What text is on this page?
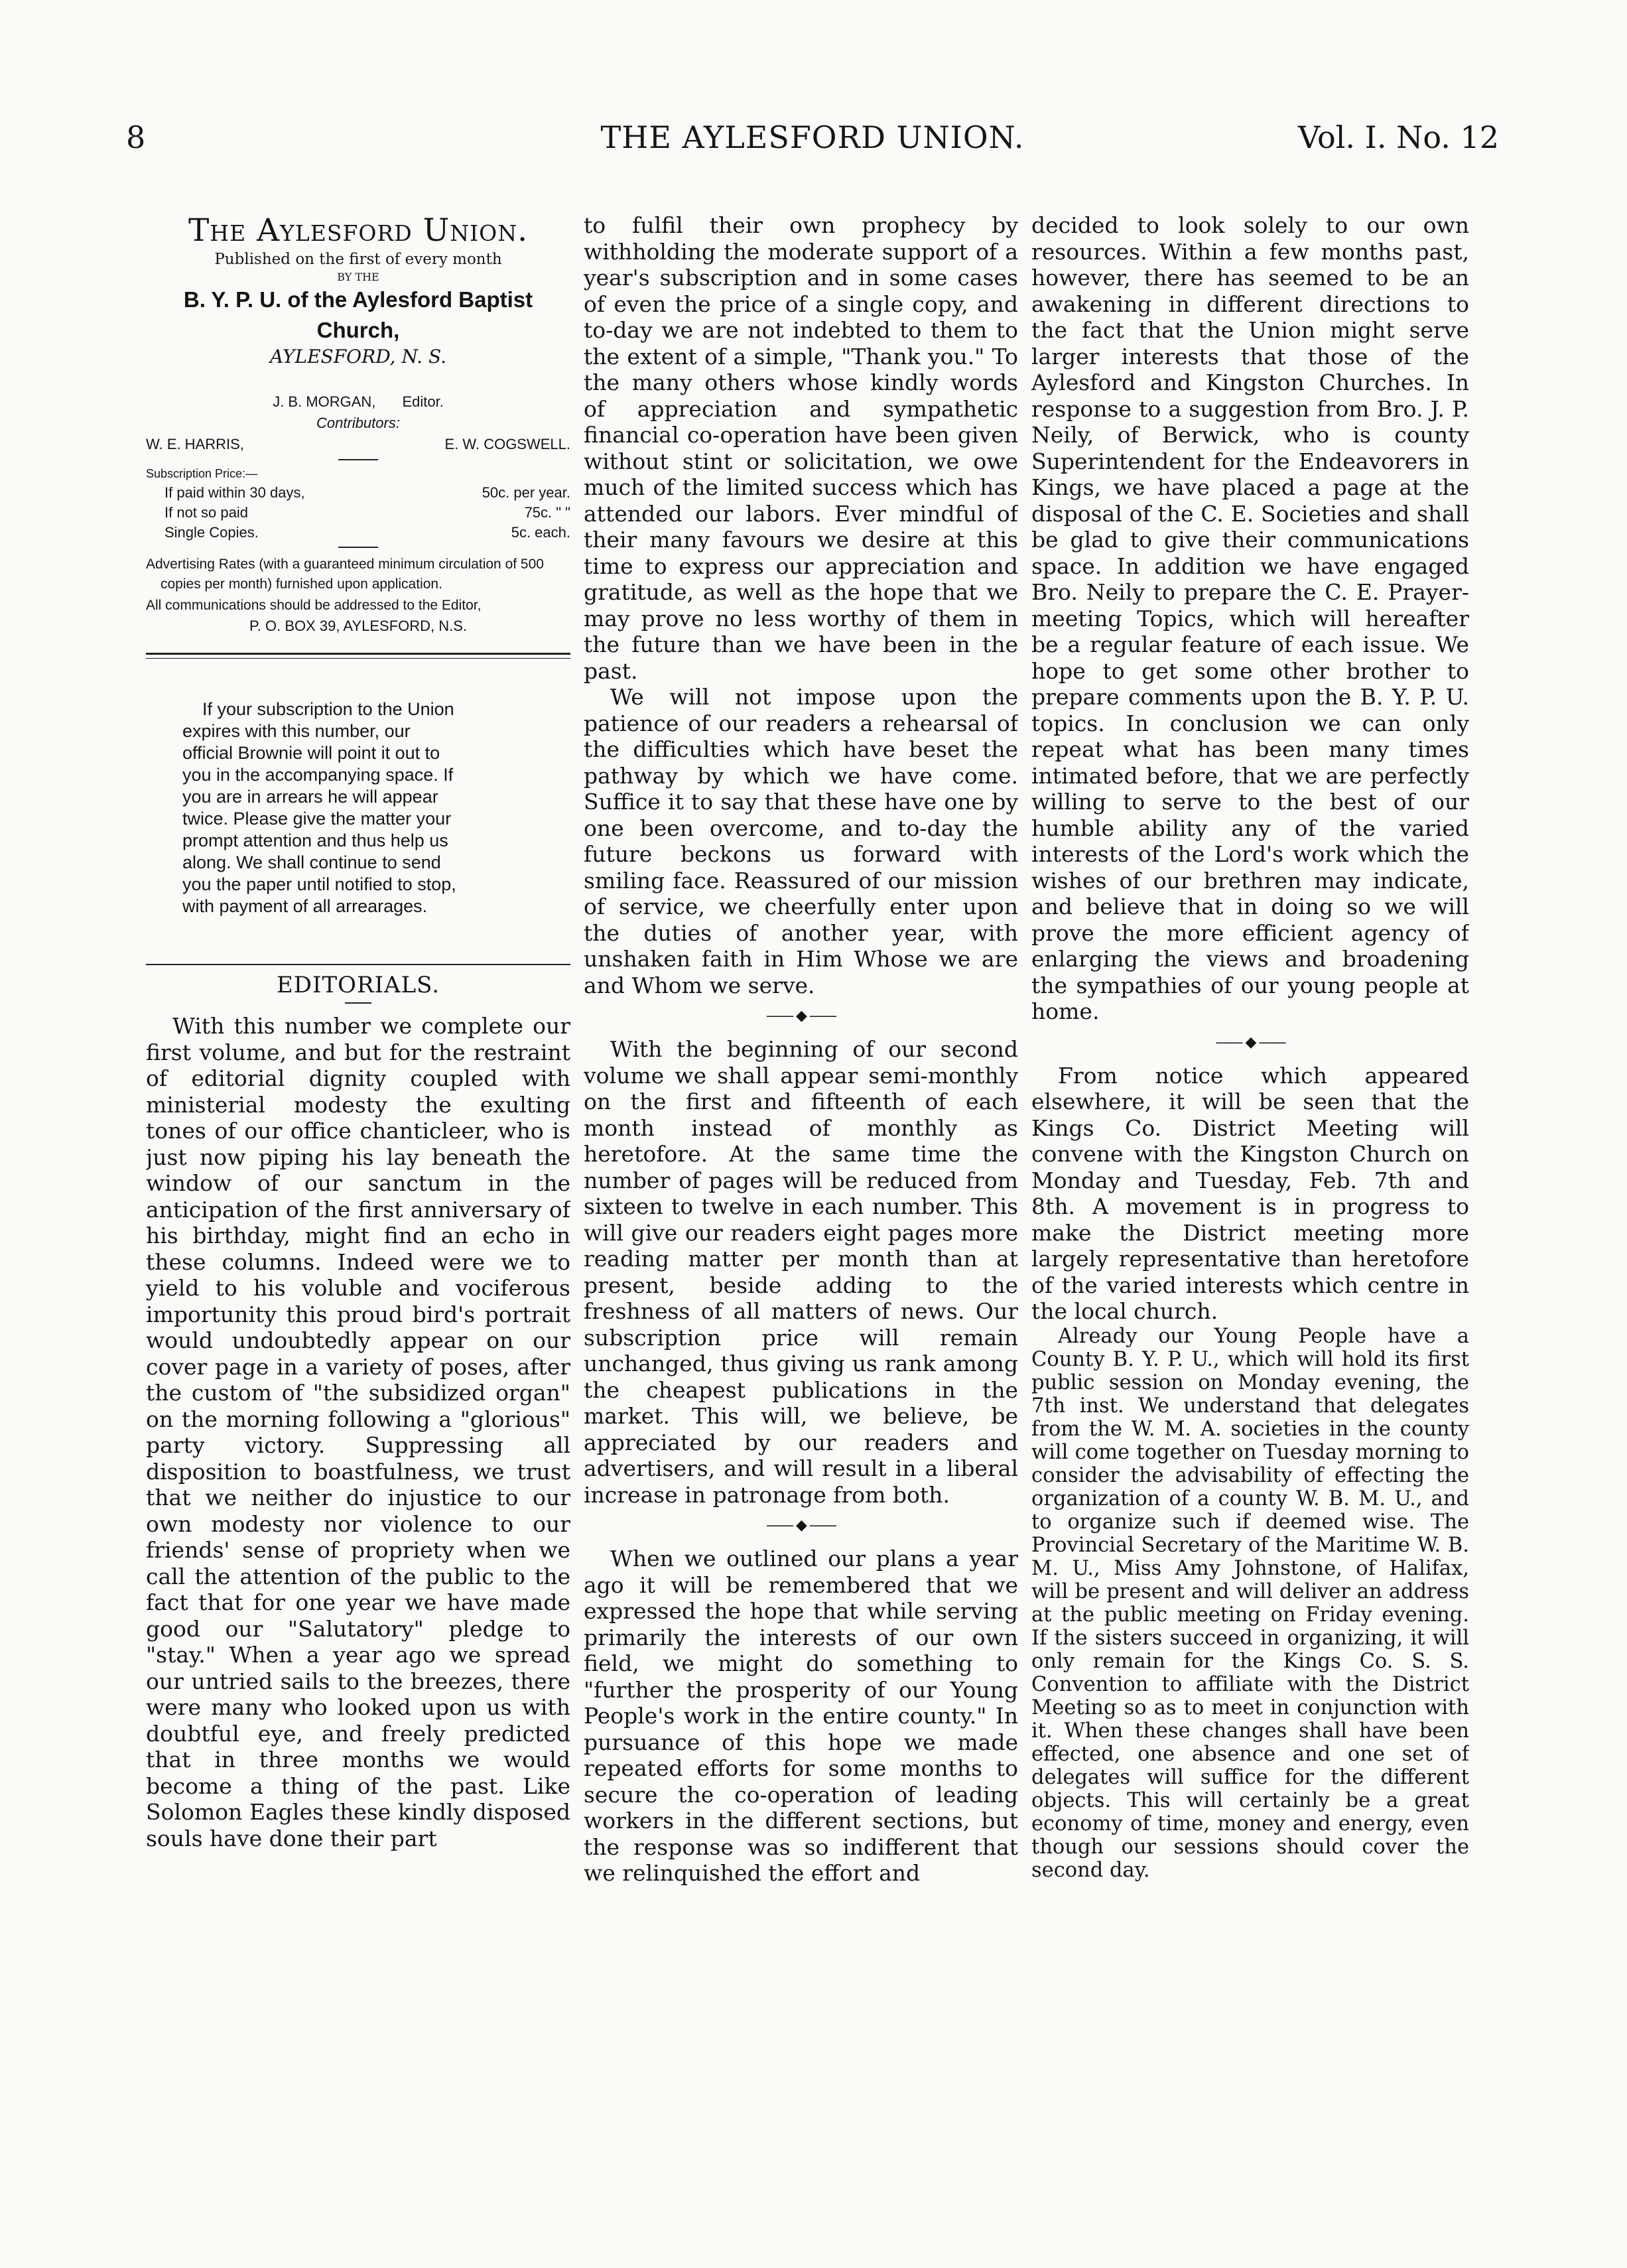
8	THE AYLESFORD UNION.	Vol. I. No. 12
The Aylesford Union.
Published on the first of every month
BY THE
B. Y. P. U. of the Aylesford Baptist Church,
AYLESFORD, N. S.
J. B. MORGAN, Editor.
Contributors:
W. E. HARRIS,	E. W. COGSWELL.
Subscription Price:—
If paid within 30 days,	50c. per year.
If not so paid	75c. " "
Single Copies.	5c. each.
Advertising Rates (with a guaranteed minimum circulation of 500 copies per month) furnished upon application.
All communications should be addressed to the Editor,
P. O. BOX 39, AYLESFORD, N.S.
If your subscription to the Union expires with this number, our official Brownie will point it out to you in the accompanying space. If you are in arrears he will appear twice. Please give the matter your prompt attention and thus help us along. We shall continue to send you the paper until notified to stop, with payment of all arrearages.
EDITORIALS.

With this number we complete our first volume, and but for the restraint of editorial dignity coupled with ministerial modesty the exulting tones of our office chanticleer, who is just now piping his lay beneath the window of our sanctum in the anticipation of the first anniversary of his birthday, might find an echo in these columns. Indeed were we to yield to his voluble and vociferous importunity this proud bird's portrait would undoubtedly appear on our cover page in a variety of poses, after the custom of "the subsidized organ" on the morning following a "glorious" party victory. Suppressing all disposition to boastfulness, we trust that we neither do injustice to our own modesty nor violence to our friends' sense of propriety when we call the attention of the public to the fact that for one year we have made good our "Salutatory" pledge to "stay." When a year ago we spread our untried sails to the breezes, there were many who looked upon us with doubtful eye, and freely predicted that in three months we would become a thing of the past. Like Solomon Eagles these kindly disposed souls have done their part

to fulfil their own prophecy by withholding the moderate support of a year's subscription and in some cases of even the price of a single copy, and to-day we are not indebted to them to the extent of a simple, "Thank you." To the many others whose kindly words of appreciation and sympathetic financial co-operation have been given without stint or solicitation, we owe much of the limited success which has attended our labors. Ever mindful of their many favours we desire at this time to express our appreciation and gratitude, as well as the hope that we may prove no less worthy of them in the future than we have been in the past.

We will not impose upon the patience of our readers a rehearsal of the difficulties which have beset the pathway by which we have come. Suffice it to say that these have one by one been overcome, and to-day the future beckons us forward with smiling face. Reassured of our mission of service, we cheerfully enter upon the duties of another year, with unshaken faith in Him Whose we are and Whom we serve.

—— ◆ ——

With the beginning of our second volume we shall appear semi-monthly on the first and fifteenth of each month instead of monthly as heretofore. At the same time the number of pages will be reduced from sixteen to twelve in each number. This will give our readers eight pages more reading matter per month than at present, beside adding to the freshness of all matters of news. Our subscription price will remain unchanged, thus giving us rank among the cheapest publications in the market. This will, we believe, be appreciated by our readers and advertisers, and will result in a liberal increase in patronage from both.

—— ◆ ——

When we outlined our plans a year ago it will be remembered that we expressed the hope that while serving primarily the interests of our own field, we might do something to "further the prosperity of our Young People's work in the entire county." In pursuance of this hope we made repeated efforts for some months to secure the co-operation of leading workers in the different sections, but the response was so indifferent that we relinquished the effort and

decided to look solely to our own resources. Within a few months past, however, there has seemed to be an awakening in different directions to the fact that the Union might serve larger interests that those of the Aylesford and Kingston Churches. In response to a suggestion from Bro. J. P. Neily, of Berwick, who is county Superintendent for the Endeavorers in Kings, we have placed a page at the disposal of the C. E. Societies and shall be glad to give their communications space. In addition we have engaged Bro. Neily to prepare the C. E. Prayer-meeting Topics, which will hereafter be a regular feature of each issue. We hope to get some other brother to prepare comments upon the B. Y. P. U. topics. In conclusion we can only repeat what has been many times intimated before, that we are perfectly willing to serve to the best of our humble ability any of the varied interests of the Lord's work which the wishes of our brethren may indicate, and believe that in doing so we will prove the more efficient agency of enlarging the views and broadening the sympathies of our young people at home.

—— ◆ ——

From notice which appeared elsewhere, it will be seen that the Kings Co. District Meeting will convene with the Kingston Church on Monday and Tuesday, Feb. 7th and 8th. A movement is in progress to make the District meeting more largely representative than heretofore of the varied interests which centre in the local church.

Already our Young People have a County B. Y. P. U., which will hold its first public session on Monday evening, the 7th inst. We understand that delegates from the W. M. A. societies in the county will come together on Tuesday morning to consider the advisability of effecting the organization of a county W. B. M. U., and to organize such if deemed wise. The Provincial Secretary of the Maritime W. B. M. U., Miss Amy Johnstone, of Halifax, will be present and will deliver an address at the public meeting on Friday evening. If the sisters succeed in organizing, it will only remain for the Kings Co. S. S. Convention to affiliate with the District Meeting so as to meet in conjunction with it. When these changes shall have been effected, one absence and one set of delegates will suffice for the different objects. This will certainly be a great economy of time, money and energy, even though our sessions should cover the second day.
